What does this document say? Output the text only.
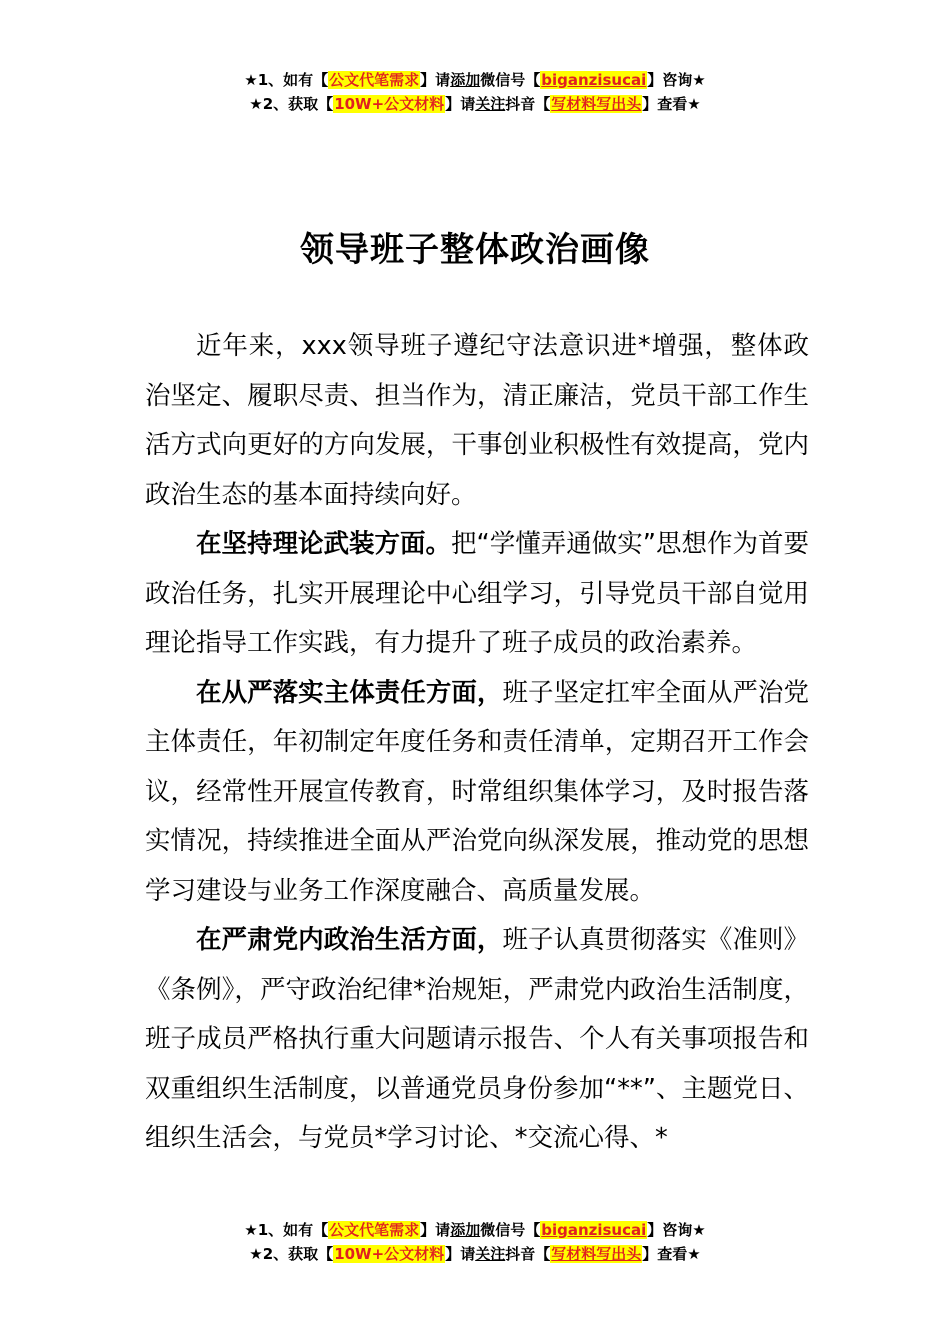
★1、如有【公文代笔需求】请添加微信号【biganzisucai】咨询★
★2、获取【10W+公文材料】请关注抖音【写材料写出头】查看★
领导班子整体政治画像

近年来，xxx领导班子遵纪守法意识进*增强，整体政治坚定、履职尽责、担当作为，清正廉洁，党员干部工作生活方式向更好的方向发展，干事创业积极性有效提高，党内政治生态的基本面持续向好。

在坚持理论武装方面。把“学懂弄通做实”思想作为首要政治任务，扎实开展理论中心组学习，引导党员干部自觉用理论指导工作实践，有力提升了班子成员的政治素养。

在从严落实主体责任方面，班子坚定扛牢全面从严治党主体责任，年初制定年度任务和责任清单，定期召开工作会议，经常性开展宣传教育，时常组织集体学习，及时报告落实情况，持续推进全面从严治党向纵深发展，推动党的思想学习建设与业务工作深度融合、高质量发展。

在严肃党内政治生活方面，班子认真贯彻落实《准则》《条例》，严守政治纪律*治规矩，严肃党内政治生活制度，班子成员严格执行重大问题请示报告、个人有关事项报告和双重组织生活制度，以普通党员身份参加“**”、主题党日、组织生活会，与党员*学习讨论、*交流心得、*

★1、如有【公文代笔需求】请添加微信号【biganzisucai】咨询★
★2、获取【10W+公文材料】请关注抖音【写材料写出头】查看★
